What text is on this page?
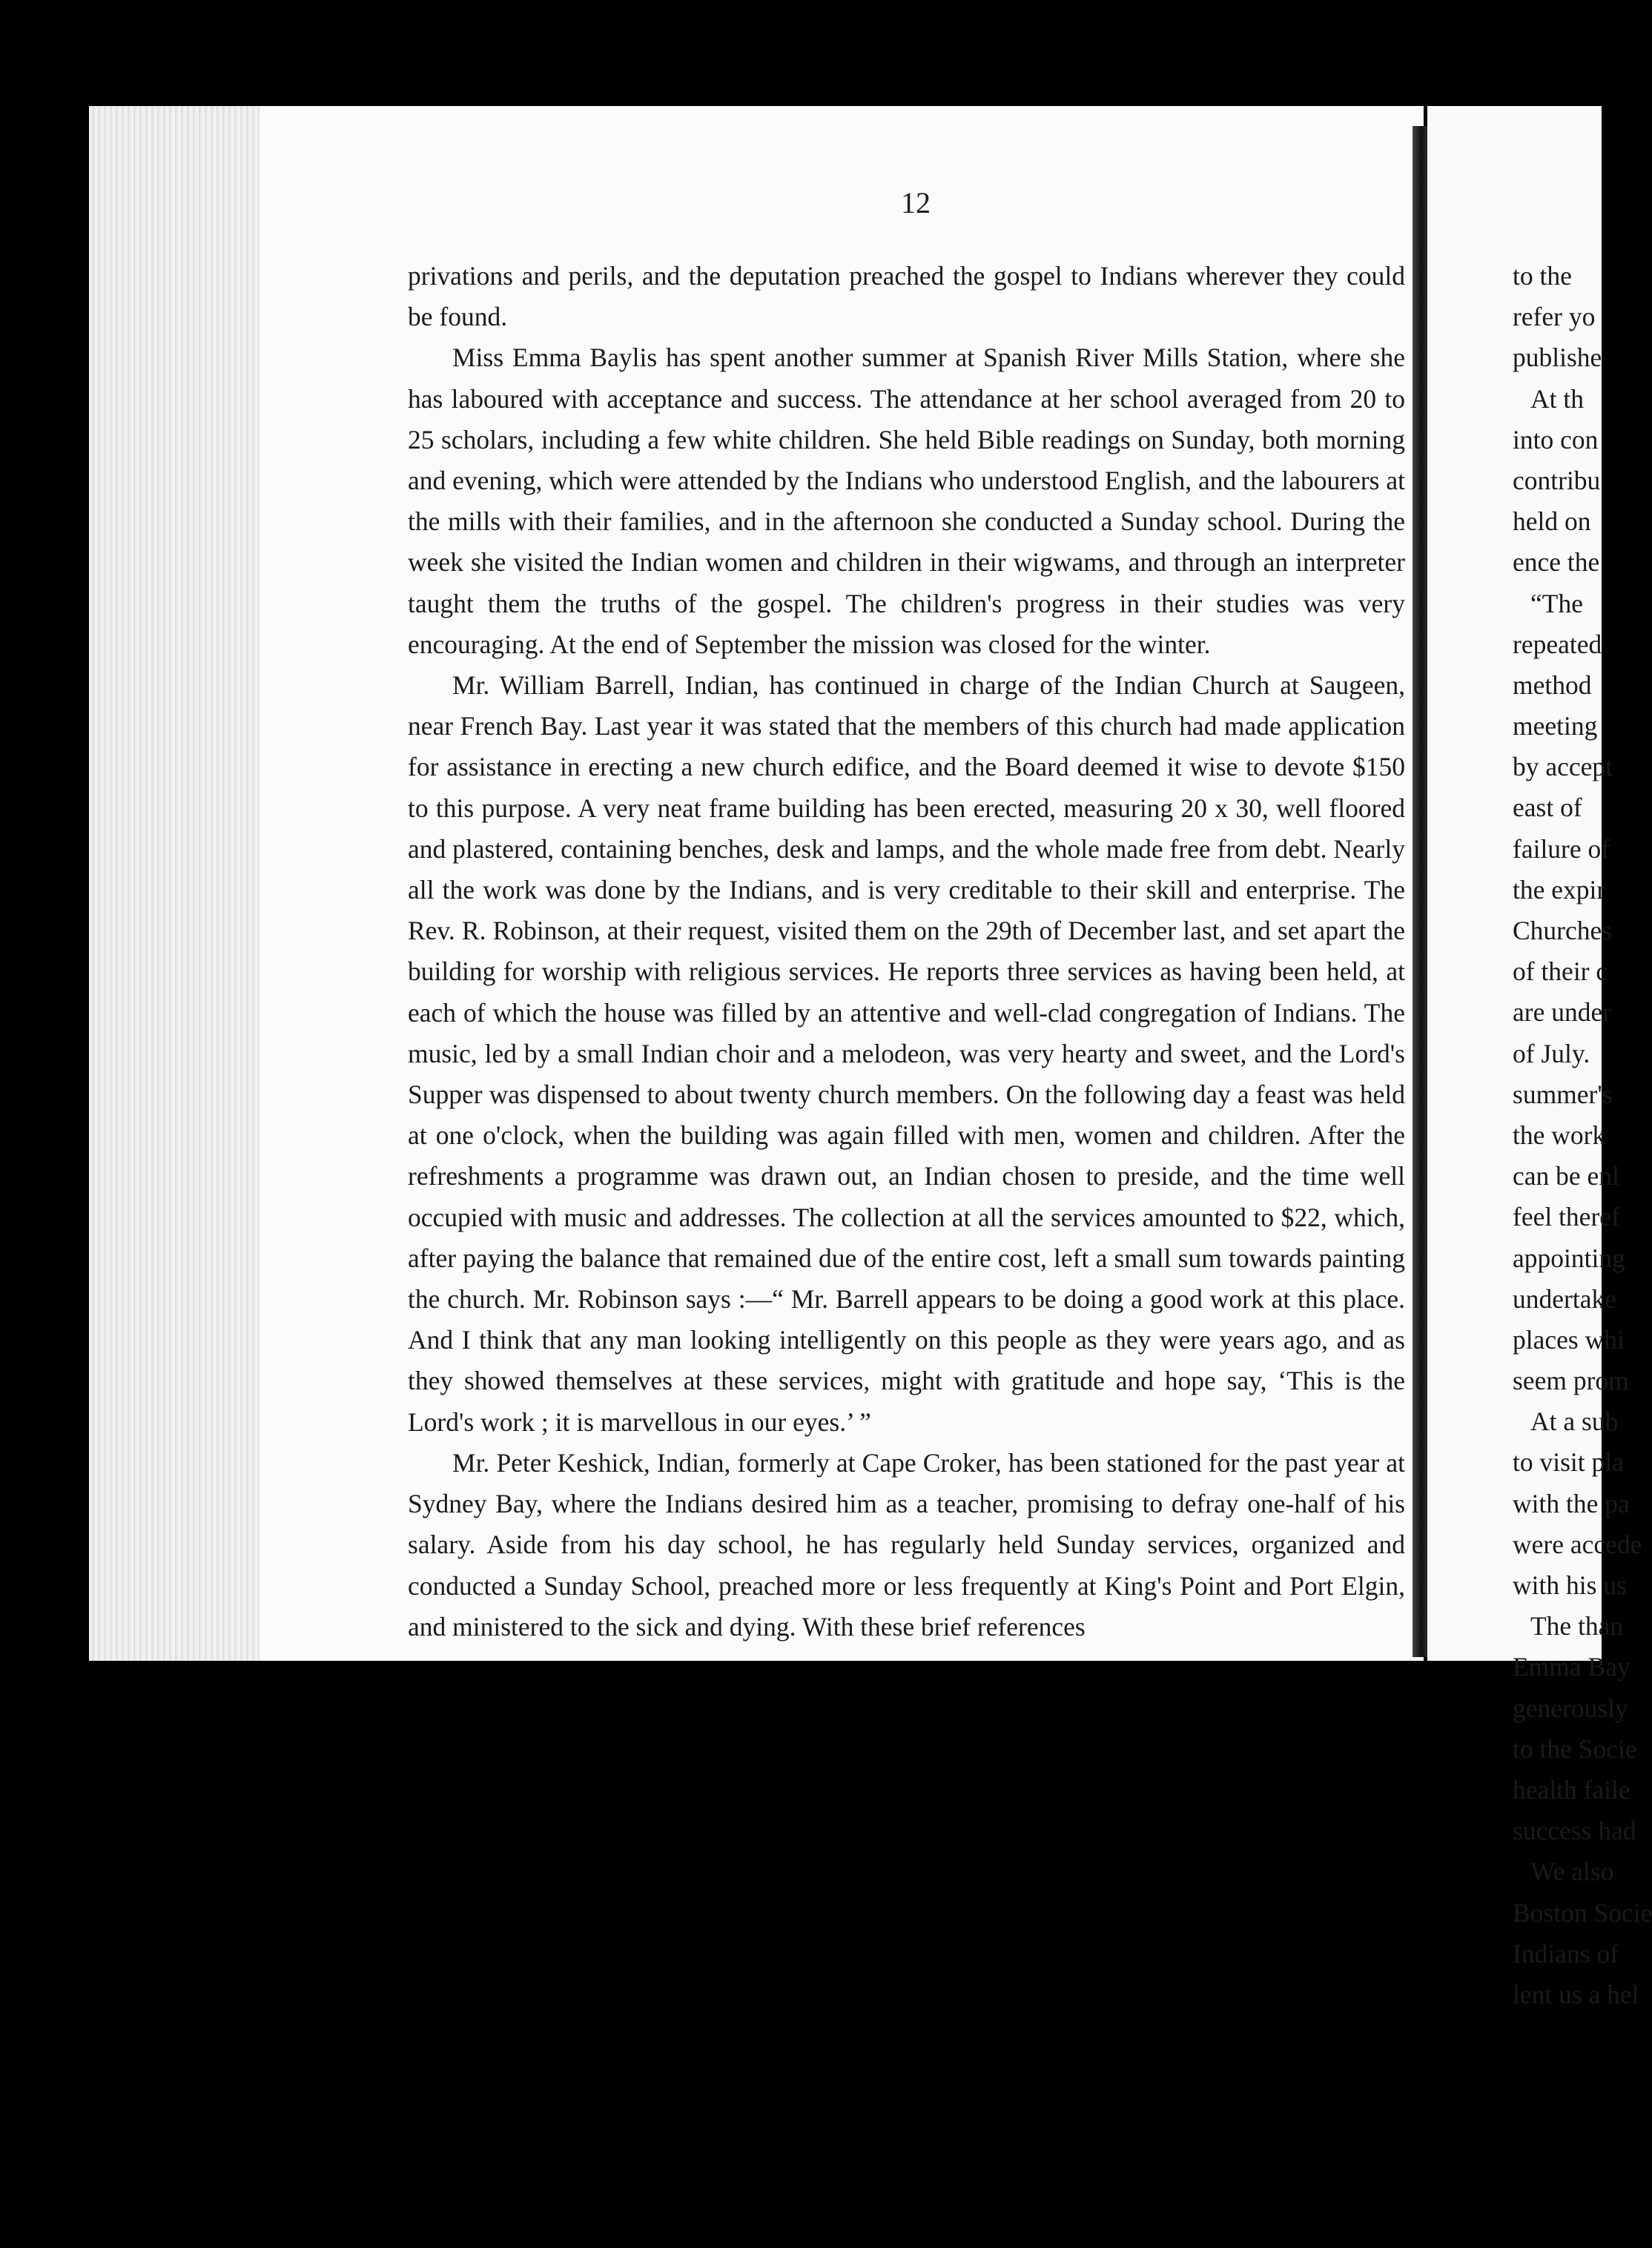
12

privations and perils, and the deputation preached the gospel to Indians wherever they could be found.

Miss Emma Baylis has spent another summer at Spanish River Mills Station, where she has laboured with acceptance and success. The attendance at her school averaged from 20 to 25 scholars, including a few white children. She held Bible readings on Sunday, both morning and evening, which were attended by the Indians who understood English, and the labourers at the mills with their families, and in the afternoon she conducted a Sunday school. During the week she visited the Indian women and children in their wigwams, and through an interpreter taught them the truths of the gospel. The children's progress in their studies was very encouraging. At the end of September the mission was closed for the winter.

Mr. William Barrell, Indian, has continued in charge of the Indian Church at Saugeen, near French Bay. Last year it was stated that the members of this church had made application for assistance in erecting a new church edifice, and the Board deemed it wise to devote $150 to this purpose. A very neat frame building has been erected, measuring 20 x 30, well floored and plastered, containing benches, desk and lamps, and the whole made free from debt. Nearly all the work was done by the Indians, and is very creditable to their skill and enterprise. The Rev. R. Robinson, at their request, visited them on the 29th of December last, and set apart the building for worship with religious services. He reports three services as having been held, at each of which the house was filled by an attentive and well-clad congregation of Indians. The music, led by a small Indian choir and a melodeon, was very hearty and sweet, and the Lord's Supper was dispensed to about twenty church members. On the following day a feast was held at one o'clock, when the building was again filled with men, women and children. After the refreshments a programme was drawn out, an Indian chosen to preside, and the time well occupied with music and addresses. The collection at all the services amounted to $22, which, after paying the balance that remained due of the entire cost, left a small sum towards painting the church. Mr. Robinson says :—“ Mr. Barrell appears to be doing a good work at this place. And I think that any man looking intelligently on this people as they were years ago, and as they showed themselves at these services, might with gratitude and hope say, ‘This is the Lord's work ; it is marvellous in our eyes.’ ”

Mr. Peter Keshick, Indian, formerly at Cape Croker, has been stationed for the past year at Sydney Bay, where the Indians desired him as a teacher, promising to defray one-half of his salary. Aside from his day school, he has regularly held Sunday services, organized and conducted a Sunday School, preached more or less frequently at King's Point and Port Elgin, and ministered to the sick and dying. With these brief references

to the
refer yo
publishe
At th
into con
contribu
held on
ence the
“The
repeated
method
meeting
by accept
east of
failure of
the expir
Churches
of their c
are under
of July.
summer's
the work
can be enl
feel theref
appointing
undertake
places whi
seem prom
At a sub
to visit pla
with the pa
were accede
with his us
The than
Emma Bay
generously
to the Socie
health faile
success had
We also
Boston Socie
Indians of
lent us a hel
